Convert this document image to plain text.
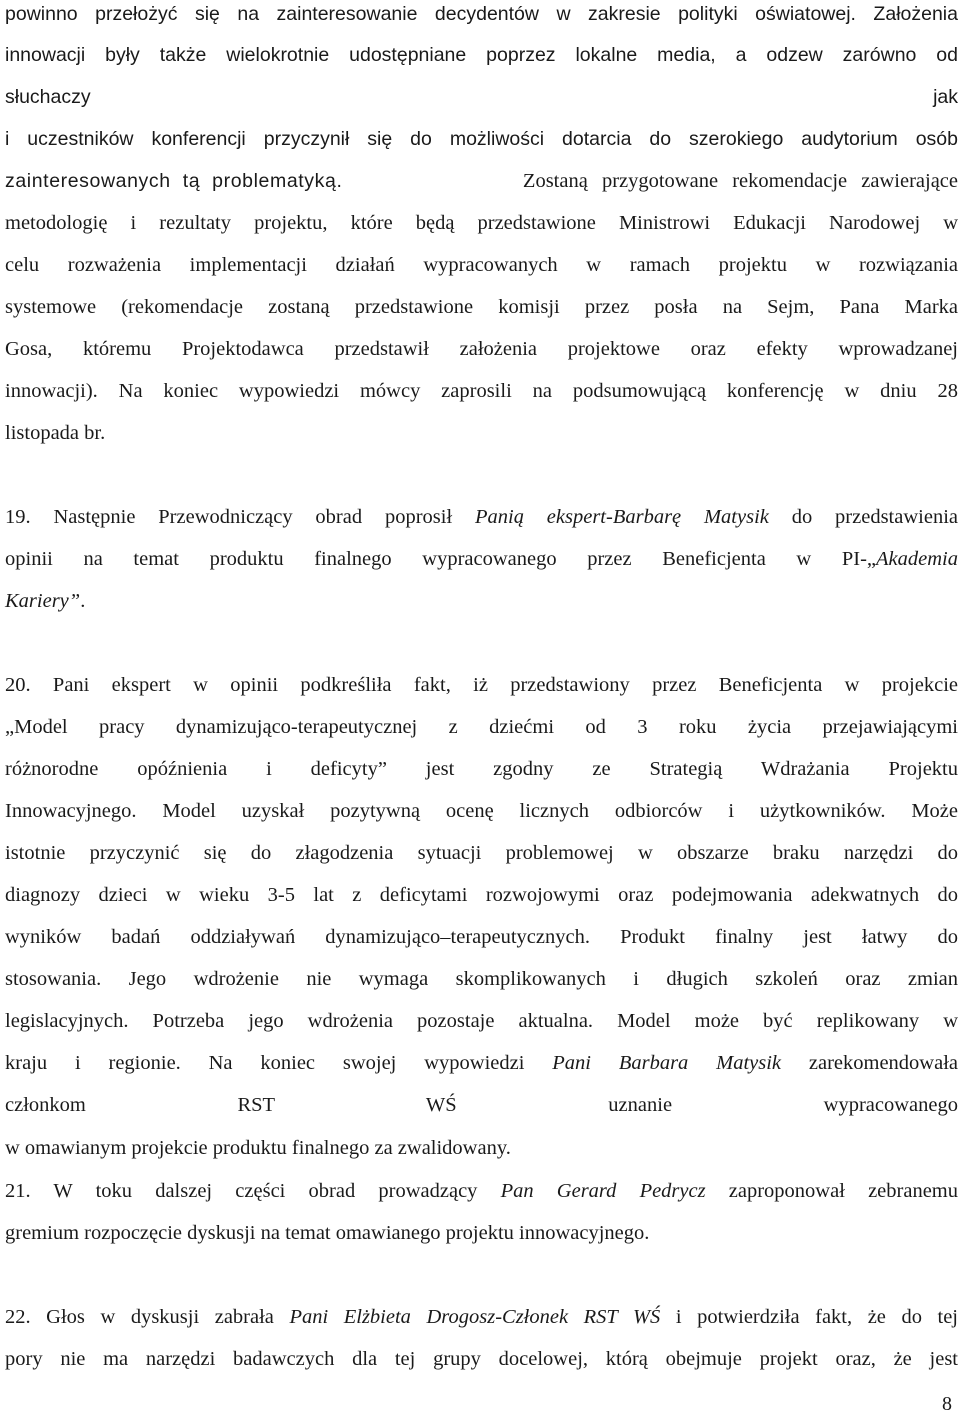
powinno przełożyć się na zainteresowanie decydentów w zakresie polityki oświatowej. Założenia
innowacji były także wielokrotnie udostępniane poprzez lokalne media, a odzew zarówno od
słuchaczy	jak
i uczestników konferencji przyczynił się do możliwości dotarcia do szerokiego audytorium osób
zainteresowanych tą problematyką.	Zostaną przygotowane rekomendacje zawierające
metodologię i rezultaty projektu, które będą przedstawione Ministrowi Edukacji Narodowej w
celu rozważenia implementacji działań wypracowanych w ramach projektu w rozwiązania
systemowe (rekomendacje zostaną przedstawione komisji przez posła na Sejm, Pana Marka
Gosa, któremu Projektodawca przedstawił założenia projektowe oraz efekty wprowadzanej
innowacji). Na koniec wypowiedzi mówcy zaprosili na podsumowującą konferencję w dniu 28
listopada br.
19. Następnie Przewodniczący obrad poprosił Panią ekspert-Barbarę Matysik do przedstawienia
opinii na temat produktu finalnego wypracowanego przez Beneficjenta w PI-„Akademia
Kariery”.
20. Pani ekspert w opinii podkreśliła fakt, iż przedstawiony przez Beneficjenta w projekcie
„Model pracy dynamizująco-terapeutycznej z dziećmi od 3 roku życia przejawiającymi
różnorodne opóźnienia i deficyty” jest zgodny ze Strategią Wdrażania Projektu
Innowacyjnego. Model uzyskał pozytywną ocenę licznych odbiorców i użytkowników. Może
istotnie przyczynić się do złagodzenia sytuacji problemowej w obszarze braku narzędzi do
diagnozy dzieci w wieku 3-5 lat z deficytami rozwojowymi oraz podejmowania adekwatnych do
wyników badań oddziaływań dynamizująco–terapeutycznych. Produkt finalny jest łatwy do
stosowania. Jego wdrożenie nie wymaga skomplikowanych i długich szkoleń oraz zmian
legislacyjnych. Potrzeba jego wdrożenia pozostaje aktualna. Model może być replikowany w
kraju i regionie. Na koniec swojej wypowiedzi Pani Barbara Matysik zarekomendowała
członkom RST WŚ uznanie wypracowanego
w omawianym projekcie produktu finalnego za zwalidowany.
21. W toku dalszej części obrad prowadzący Pan Gerard Pedrycz zaproponował zebranemu
gremium rozpoczęcie dyskusji na temat omawianego projektu innowacyjnego.
22. Głos w dyskusji zabrała Pani Elżbieta Drogosz-Członek RST WŚ i potwierdziła fakt, że do tej
pory nie ma narzędzi badawczych dla tej grupy docelowej, którą obejmuje projekt oraz, że jest
8
